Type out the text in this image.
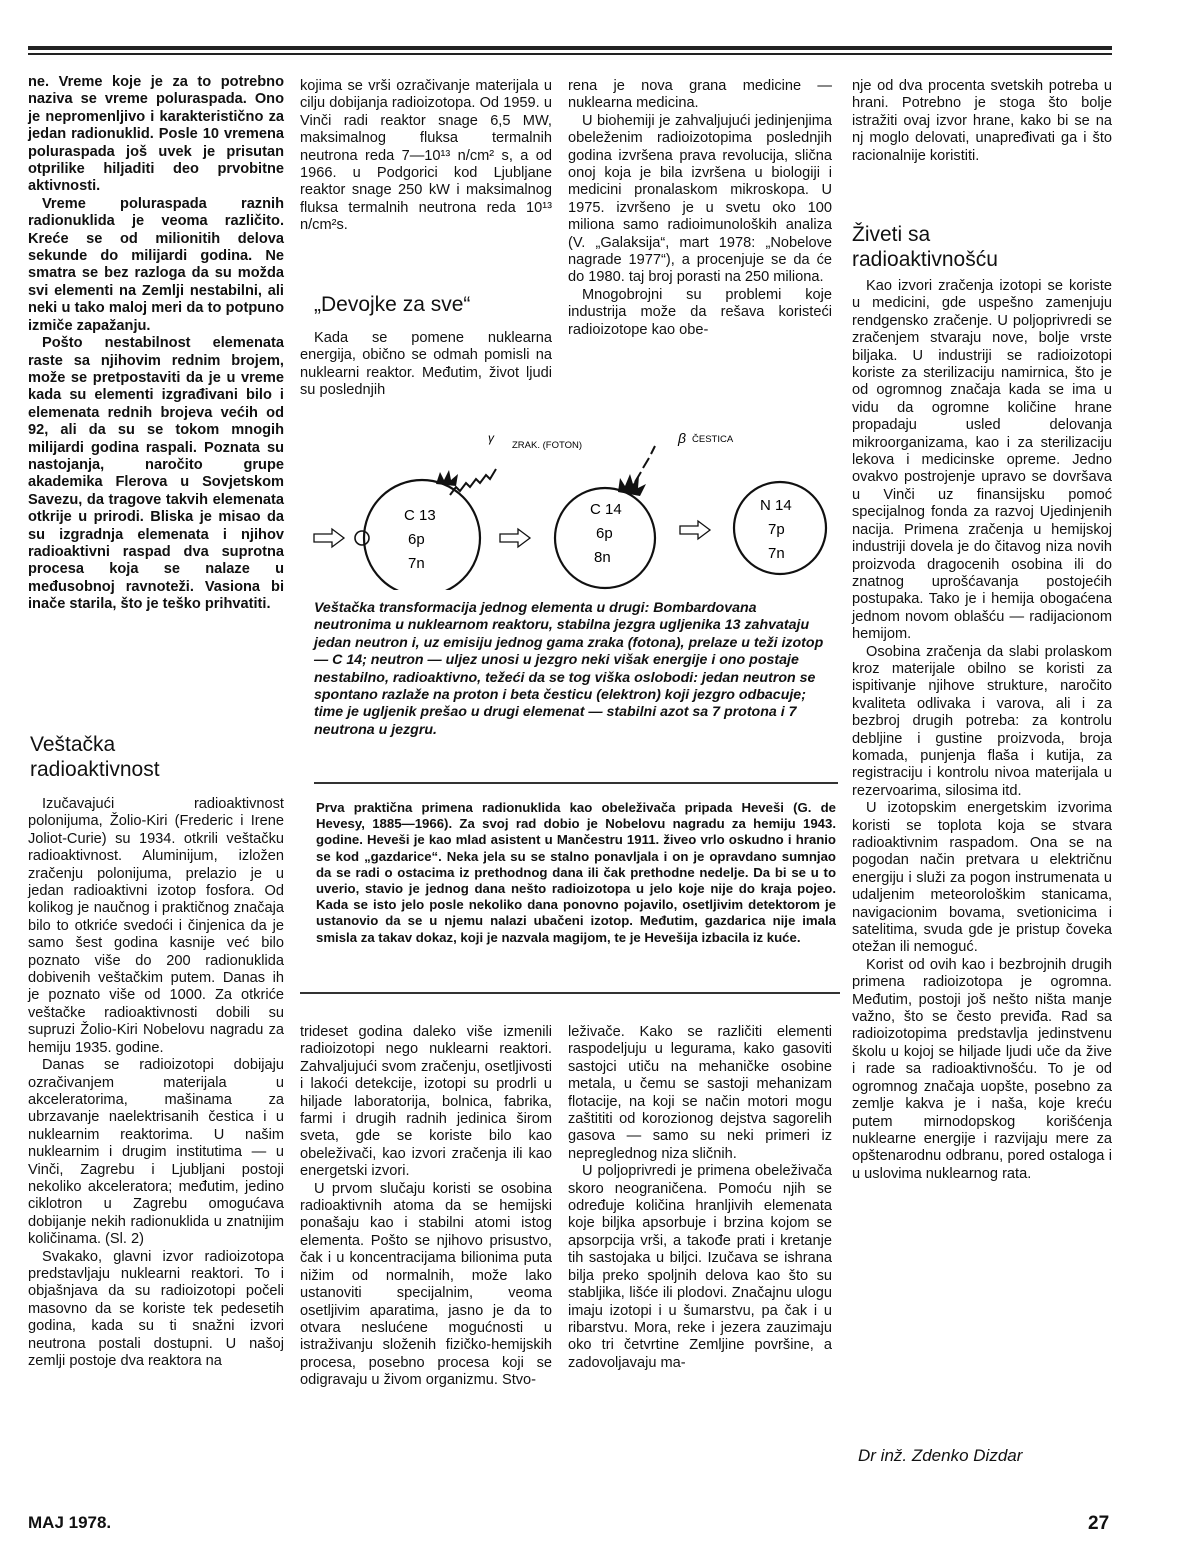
ne. Vreme koje je za to potrebno naziva se vreme poluraspada. Ono je nepromenljivo i karakteristično za jedan radionuklid. Posle 10 vremena poluraspada još uvek je prisutan otprilike hiljaditi deo prvobitne aktivnosti.

Vreme poluraspada raznih radionuklida je veoma različito. Kreće se od milionitih delova sekunde do milijardi godina. Ne smatra se bez razloga da su možda svi elementi na Zemlji nestabilni, ali neki u tako maloj meri da to potpuno izmiče zapažanju.

Pošto nestabilnost elemenata raste sa njihovim rednim brojem, može se pretpostaviti da je u vreme kada su elementi izgrađivani bilo i elemenata rednih brojeva većih od 92, ali da su se tokom mnogih milijardi godina raspali. Poznata su nastojanja, naročito grupe akademika Flerova u Sovjetskom Savezu, da tragove takvih elemenata otkrije u prirodi. Bliska je misao da su izgradnja elemenata i njihov radioaktivni raspad dva suprotna procesa koja se nalaze u međusobnoj ravnoteži. Vasiona bi inače starila, što je teško prihvatiti.

Veštačka radioaktivnost

Izučavajući radioaktivnost polonijuma, Žolio-Kiri (Frederic i Irene Joliot-Curie) su 1934. otkrili veštačku radioaktivnost. Aluminijum, izložen zračenju polonijuma, prelazio je u jedan radioaktivni izotop fosfora. Od kolikog je naučnog i praktičnog značaja bilo to otkriće svedoći i činjenica da je samo šest godina kasnije već bilo poznato više do 200 radionuklida dobivenih veštačkim putem. Danas ih je poznato više od 1000. Za otkriće veštačke radioaktivnosti dobili su supruzi Žolio-Kiri Nobelovu nagradu za hemiju 1935. godine.

Danas se radioizotopi dobijaju ozračivanjem materijala u akceleratorima, mašinama za ubrzavanje naelektrisanih čestica i u nuklearnim reaktorima. U našim nuklearnim i drugim institutima — u Vinči, Zagrebu i Ljubljani postoji nekoliko akceleratora; međutim, jedino ciklotron u Zagrebu omogućava dobijanje nekih radionuklida u znatnijim količinama. (Sl. 2)

Svakako, glavni izvor radioizotopa predstavljaju nuklearni reaktori. To i objašnjava da su radioizotopi počeli masovno da se koriste tek pedesetih godina, kada su ti snažni izvori neutrona postali dostupni. U našoj zemlji postoje dva reaktora na

kojima se vrši ozračivanje materijala u cilju dobijanja radioizotopa. Od 1959. u Vinči radi reaktor snage 6,5 MW, maksimalnog fluksa termalnih neutrona reda 7—10¹³ n/cm² s, a od 1966. u Podgorici kod Ljubljane reaktor snage 250 kW i maksimalnog fluksa termalnih neutrona reda 10¹³ n/cm²s.

„Devojke za sve“

Kada se pomene nuklearna energija, obično se odmah pomisli na nuklearni reaktor. Međutim, život ljudi su poslednjih

rena je nova grana medicine — nuklearna medicina.

U biohemiji je zahvaljujući jedinjenjima obeleženim radioizotopima poslednjih godina izvršena prava revolucija, slična onoj koja je bila izvršena u biologiji i medicini pronalaskom mikroskopa. U 1975. izvršeno je u svetu oko 100 miliona samo radioimunoloških analiza (V. „Galaksija“, mart 1978: „Nobelove nagrade 1977“), a procenjuje se da će do 1980. taj broj porasti na 250 miliona.

Mnogobrojni su problemi koje industrija može da rešava koristeći radioizotope kao obe-

γ
ZRAK. (FOTON)	β ČESTICA
C 13
6p
7n
C 14
6p
8n
N 14
7p
7n
Veštačka transformacija jednog elementa u drugi: Bombardovana neutronima u nuklearnom reaktoru, stabilna jezgra ugljenika 13 zahvataju jedan neutron i, uz emisiju jednog gama zraka (fotona), prelaze u teži izotop — C 14; neutron — uljez unosi u jezgro neki višak energije i ono postaje nestabilno, radioaktivno, težeći da se tog viška oslobodi: jedan neutron se spontano razlaže na proton i beta česticu (elektron) koji jezgro odbacuje; time je ugljenik prešao u drugi elemenat — stabilni azot sa 7 protona i 7 neutrona u jezgru.
Prva praktična primena radionuklida kao obeleživača pripada Heveši (G. de Hevesy, 1885—1966). Za svoj rad dobio je Nobelovu nagradu za hemiju 1943. godine. Heveši je kao mlad asistent u Mančestru 1911. živeo vrlo oskudno i hranio se kod „gazdarice“. Neka jela su se stalno ponavljala i on je opravdano sumnjao da se radi o ostacima iz prethodnog dana ili čak prethodne nedelje. Da bi se u to uverio, stavio je jednog dana nešto radioizotopa u jelo koje nije do kraja pojeo. Kada se isto jelo posle nekoliko dana ponovno pojavilo, osetljivim detektorom je ustanovio da se u njemu nalazi ubačeni izotop. Međutim, gazdarica nije imala smisla za takav dokaz, koji je nazvala magijom, te je Hevešija izbacila iz kuće.

trideset godina daleko više izmenili radioizotopi nego nuklearni reaktori. Zahvaljujući svom zračenju, osetljivosti i lakoći detekcije, izotopi su prodrli u hiljade laboratorija, bolnica, fabrika, farmi i drugih radnih jedinica širom sveta, gde se koriste bilo kao obeleživači, kao izvori zračenja ili kao energetski izvori.

U prvom slučaju koristi se osobina radioaktivnih atoma da se hemijski ponašaju kao i stabilni atomi istog elementa. Pošto se njihovo prisustvo, čak i u koncentracijama bilionima puta nižim od normalnih, može lako ustanoviti specijalnim, veoma osetljivim aparatima, jasno je da to otvara neslućene mogućnosti u istraživanju složenih fizičko-hemijskih procesa, posebno procesa koji se odigravaju u živom organizmu. Stvo-

leživače. Kako se različiti elementi raspodeljuju u legurama, kako gasoviti sastojci utiču na mehaničke osobine metala, u čemu se sastoji mehanizam flotacije, na koji se način motori mogu zaštititi od korozionog dejstva sagorelih gasova — samo su neki primeri iz nepreglednog niza sličnih.

U poljoprivredi je primena obeleživača skoro neograničena. Pomoću njih se određuje količina hranljivih elemenata koje biljka apsorbuje i brzina kojom se apsorpcija vrši, a takođe prati i kretanje tih sastojaka u biljci. Izučava se ishrana bilja preko spoljnih delova kao što su stabljika, lišće ili plodovi. Značajnu ulogu imaju izotopi i u šumarstvu, pa čak i u ribarstvu. Mora, reke i jezera zauzimaju oko tri četvrtine Zemljine površine, a zadovoljavaju ma-

nje od dva procenta svetskih potreba u hrani. Potrebno je stoga što bolje istražiti ovaj izvor hrane, kako bi se na nj moglo delovati, unapređivati ga i što racionalnije koristiti.

Živeti sa radioaktivnošću

Kao izvori zračenja izotopi se koriste u medicini, gde uspešno zamenjuju rendgensko zračenje. U poljoprivredi se zračenjem stvaraju nove, bolje vrste biljaka. U industriji se radioizotopi koriste za sterilizaciju namirnica, što je od ogromnog značaja kada se ima u vidu da ogromne količine hrane propadaju usled delovanja mikroorganizama, kao i za sterilizaciju lekova i medicinske opreme. Jedno ovakvo postrojenje upravo se dovršava u Vinči uz finansijsku pomoć specijalnog fonda za razvoj Ujedinjenih nacija. Primena zračenja u hemijskoj industriji dovela je do čitavog niza novih proizvoda dragocenih osobina ili do znatnog uprošćavanja postojećih postupaka. Tako je i hemija obogaćena jednom novom oblašću — radijacionom hemijom.

Osobina zračenja da slabi prolaskom kroz materijale obilno se koristi za ispitivanje njihove strukture, naročito kvaliteta odlivaka i varova, ali i za bezbroj drugih potreba: za kontrolu debljine i gustine proizvoda, broja komada, punjenja flaša i kutija, za registraciju i kontrolu nivoa materijala u rezervoarima, silosima itd.

U izotopskim energetskim izvorima koristi se toplota koja se stvara radioaktivnim raspadom. Ona se na pogodan način pretvara u električnu energiju i služi za pogon instrumenata u udaljenim meteorološkim stanicama, navigacionim bovama, svetionicima i satelitima, svuda gde je pristup čoveka otežan ili nemoguć.

Korist od ovih kao i bezbrojnih drugih primena radioizotopa je ogromna. Međutim, postoji još nešto ništa manje važno, što se često previđa. Rad sa radioizotopima predstavlja jedinstvenu školu u kojoj se hiljade ljudi uče da žive i rade sa radioaktivnošću. To je od ogromnog značaja uopšte, posebno za zemlje kakva je i naša, koje kreću putem mirnodopskog korišćenja nuklearne energije i razvijaju mere za opštenarodnu odbranu, pored ostaloga i u uslovima nuklearnog rata.

Dr inž. Zdenko Dizdar
MAJ 1978.	27
